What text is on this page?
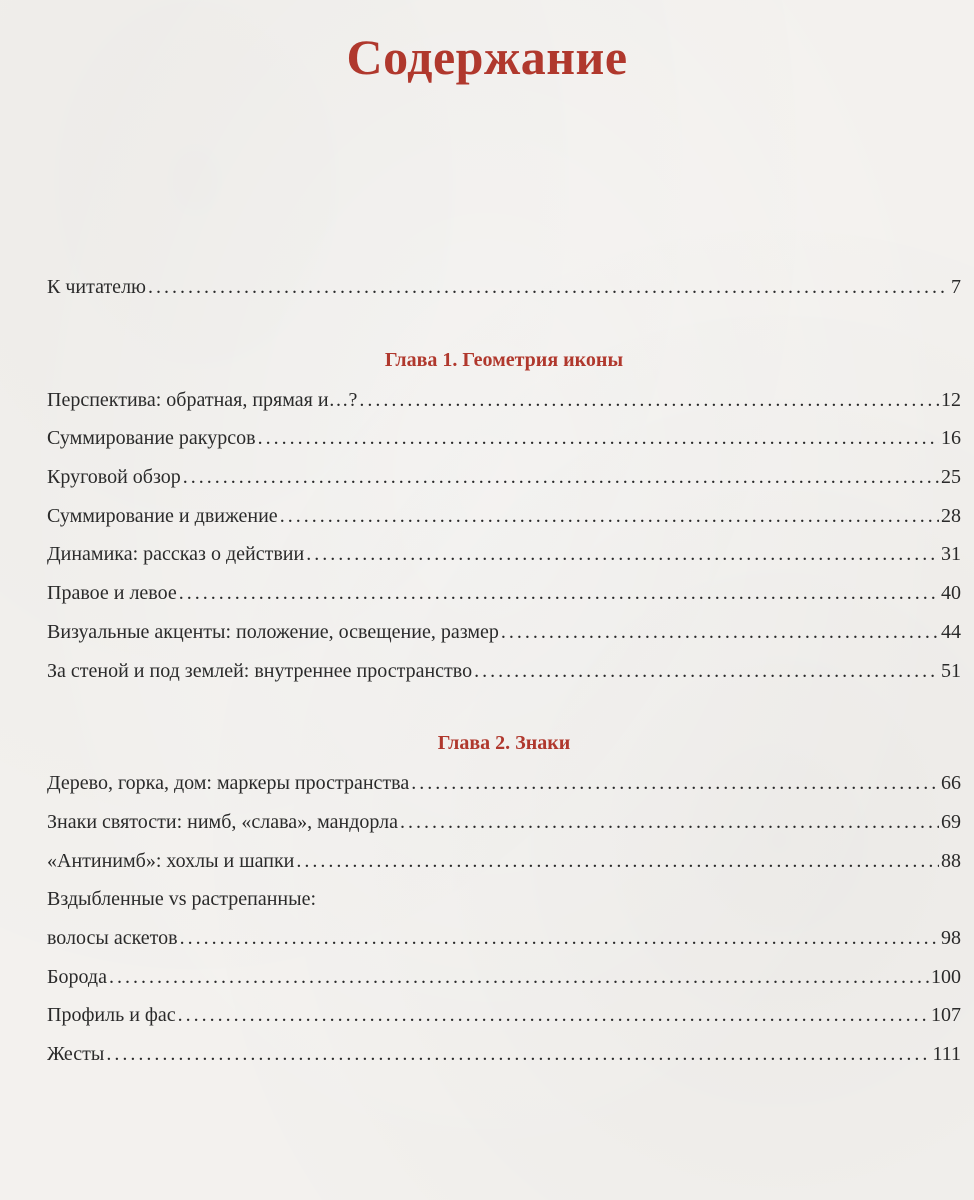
Содержание
К читателю . . .	7
Глава 1. Геометрия иконы
Перспектива: обратная, прямая и…? . . .	12
Суммирование ракурсов . . .	16
Круговой обзор . . .	25
Суммирование и движение . . .	28
Динамика: рассказ о действии . . .	31
Правое и левое . . .	40
Визуальные акценты: положение, освещение, размер . . .	44
За стеной и под землей: внутреннее пространство . . .	51
Глава 2. Знаки
Дерево, горка, дом: маркеры пространства . . .	66
Знаки святости: нимб, «слава», мандорла . . .	69
«Антинимб»: хохлы и шапки . . .	88
Вздыбленные vs растрепанные:
волосы аскетов . . .	98
Борода . . .	100
Профиль и фас . . .	107
Жесты . . .	111
